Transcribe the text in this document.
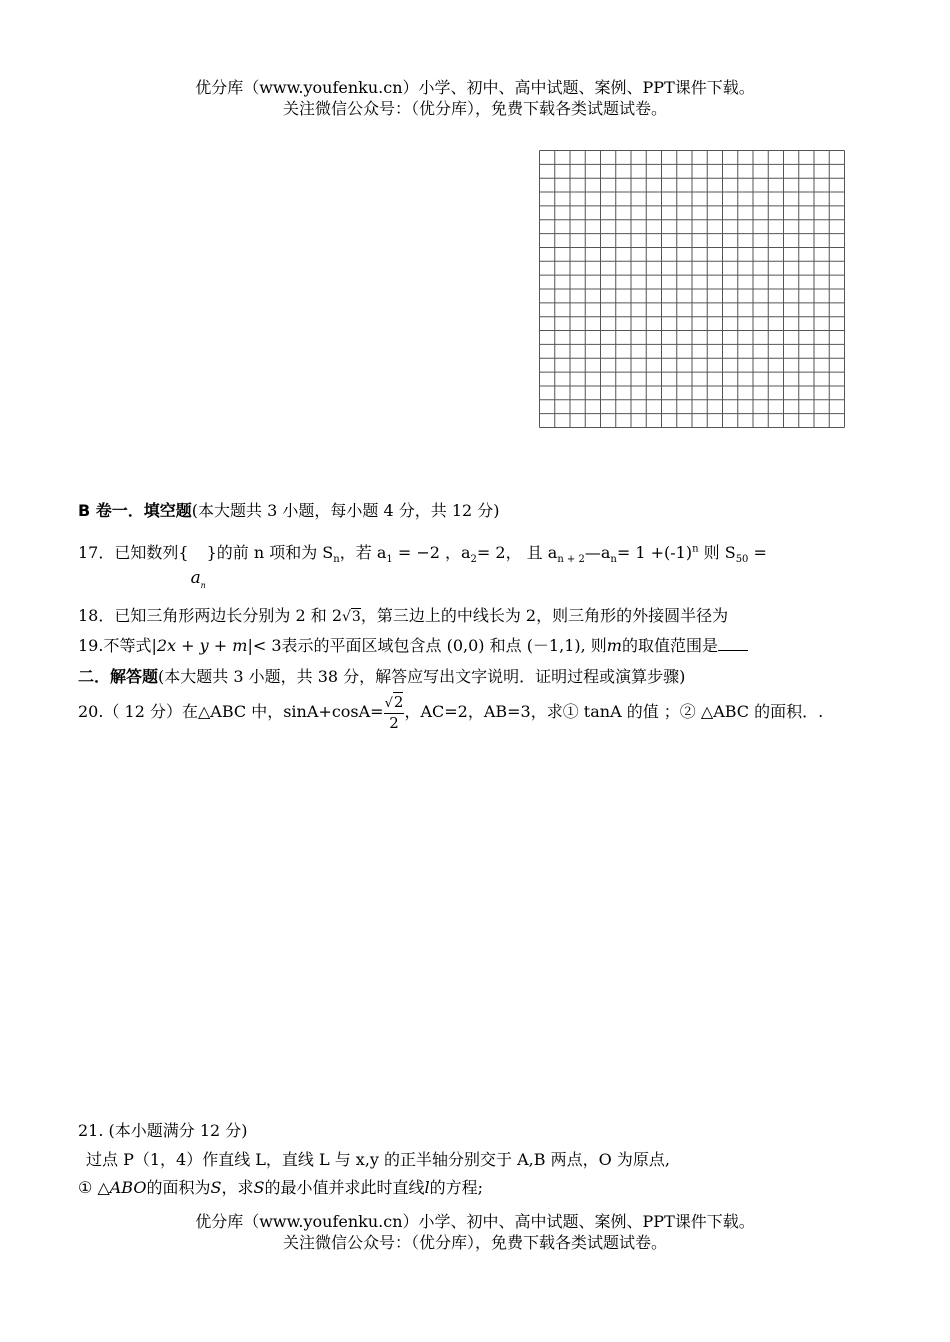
优分库（www.youfenku.cn）小学、初中、高中试题、案例、PPT课件下载。
关注微信公众号：（优分库），免费下载各类试题试卷。
B 卷一．填空题(本大题共 3 小题，每小题 4 分，共 12 分)
17．已知数列{
a n
}的前 n 项和为 $S_n$，若 $a_1 = -2$ ，$a_2= 2$， 且 $a_{n + 2}—a_n= 1 +(-1)^n$ 则 $S_{50}$ =
18．已知三角形两边长分别为 2 和 2√3，第三边上的中线长为 2，则三角形的外接圆半径为
19.不等式|2x + y + m|< 3表示的平面区域包含点 (0,0) 和点 (－1,1), 则m的取值范围是
二．解答题(本大题共 3 小题，共 38 分，解答应写出文字说明．证明过程或演算步骤)
20.（ 12 分）在△ABC 中，$\sin A+\cos A= \frac{√2}{2}$ ，AC=2，AB=3，求① tanA 的值 ；② △ABC 的面积．.
21. (本小题满分 12 分)
过点 P（1，4）作直线 L，直线 L 与 x,y 的正半轴分别交于 A,B 两点，O 为原点,
① △ABO的面积为S，求S的最小值并求此时直线l的方程;
优分库（www.youfenku.cn）小学、初中、高中试题、案例、PPT课件下载。
关注微信公众号：（优分库），免费下载各类试题试卷。
